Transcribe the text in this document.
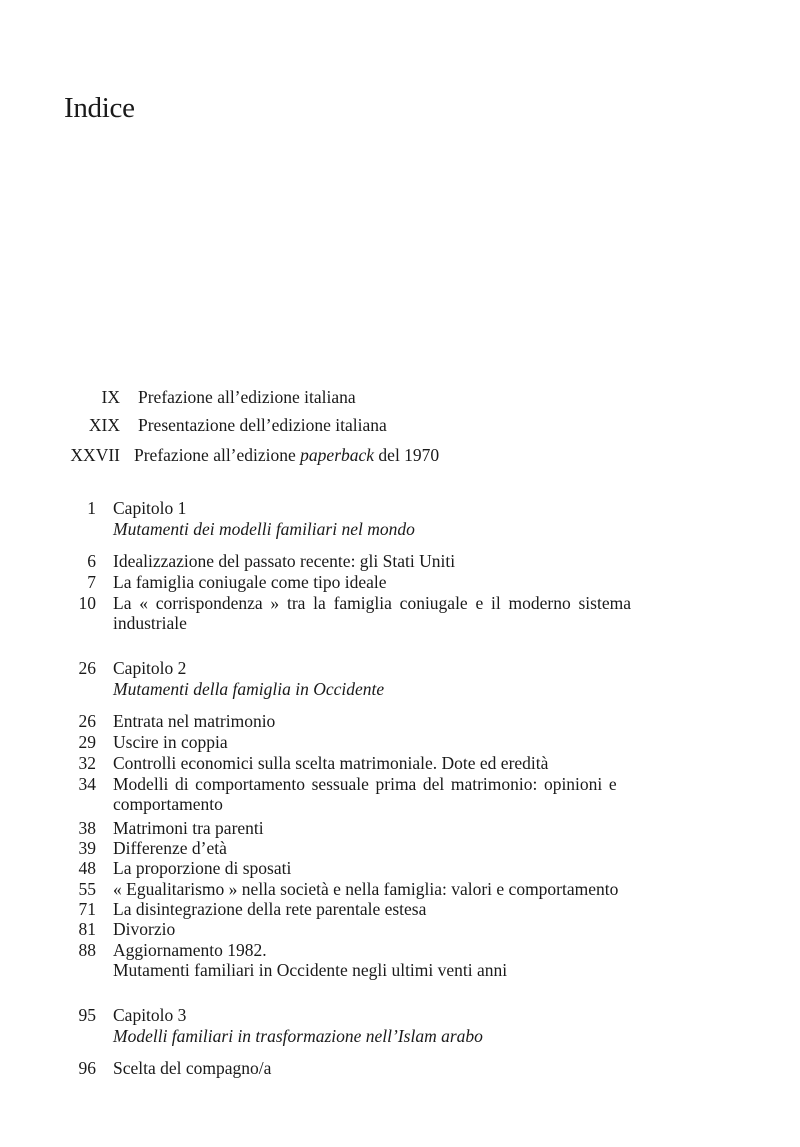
Indice
IX Prefazione all’edizione italiana
XIX Presentazione dell’edizione italiana
XXVII Prefazione all’edizione paperback del 1970
1 Capitolo 1
Mutamenti dei modelli familiari nel mondo
6 Idealizzazione del passato recente: gli Stati Uniti
7 La famiglia coniugale come tipo ideale
10 La « corrispondenza » tra la famiglia coniugale e il moderno sistema
industriale
26 Capitolo 2
Mutamenti della famiglia in Occidente
26 Entrata nel matrimonio
29 Uscire in coppia
32 Controlli economici sulla scelta matrimoniale. Dote ed eredità
34 Modelli di comportamento sessuale prima del matrimonio: opinioni e
comportamento
38 Matrimoni tra parenti
39 Differenze d’età
48 La proporzione di sposati
55 « Egualitarismo » nella società e nella famiglia: valori e comportamento
71 La disintegrazione della rete parentale estesa
81 Divorzio
88 Aggiornamento 1982.
Mutamenti familiari in Occidente negli ultimi venti anni
95 Capitolo 3
Modelli familiari in trasformazione nell’Islam arabo
96 Scelta del compagno/a
